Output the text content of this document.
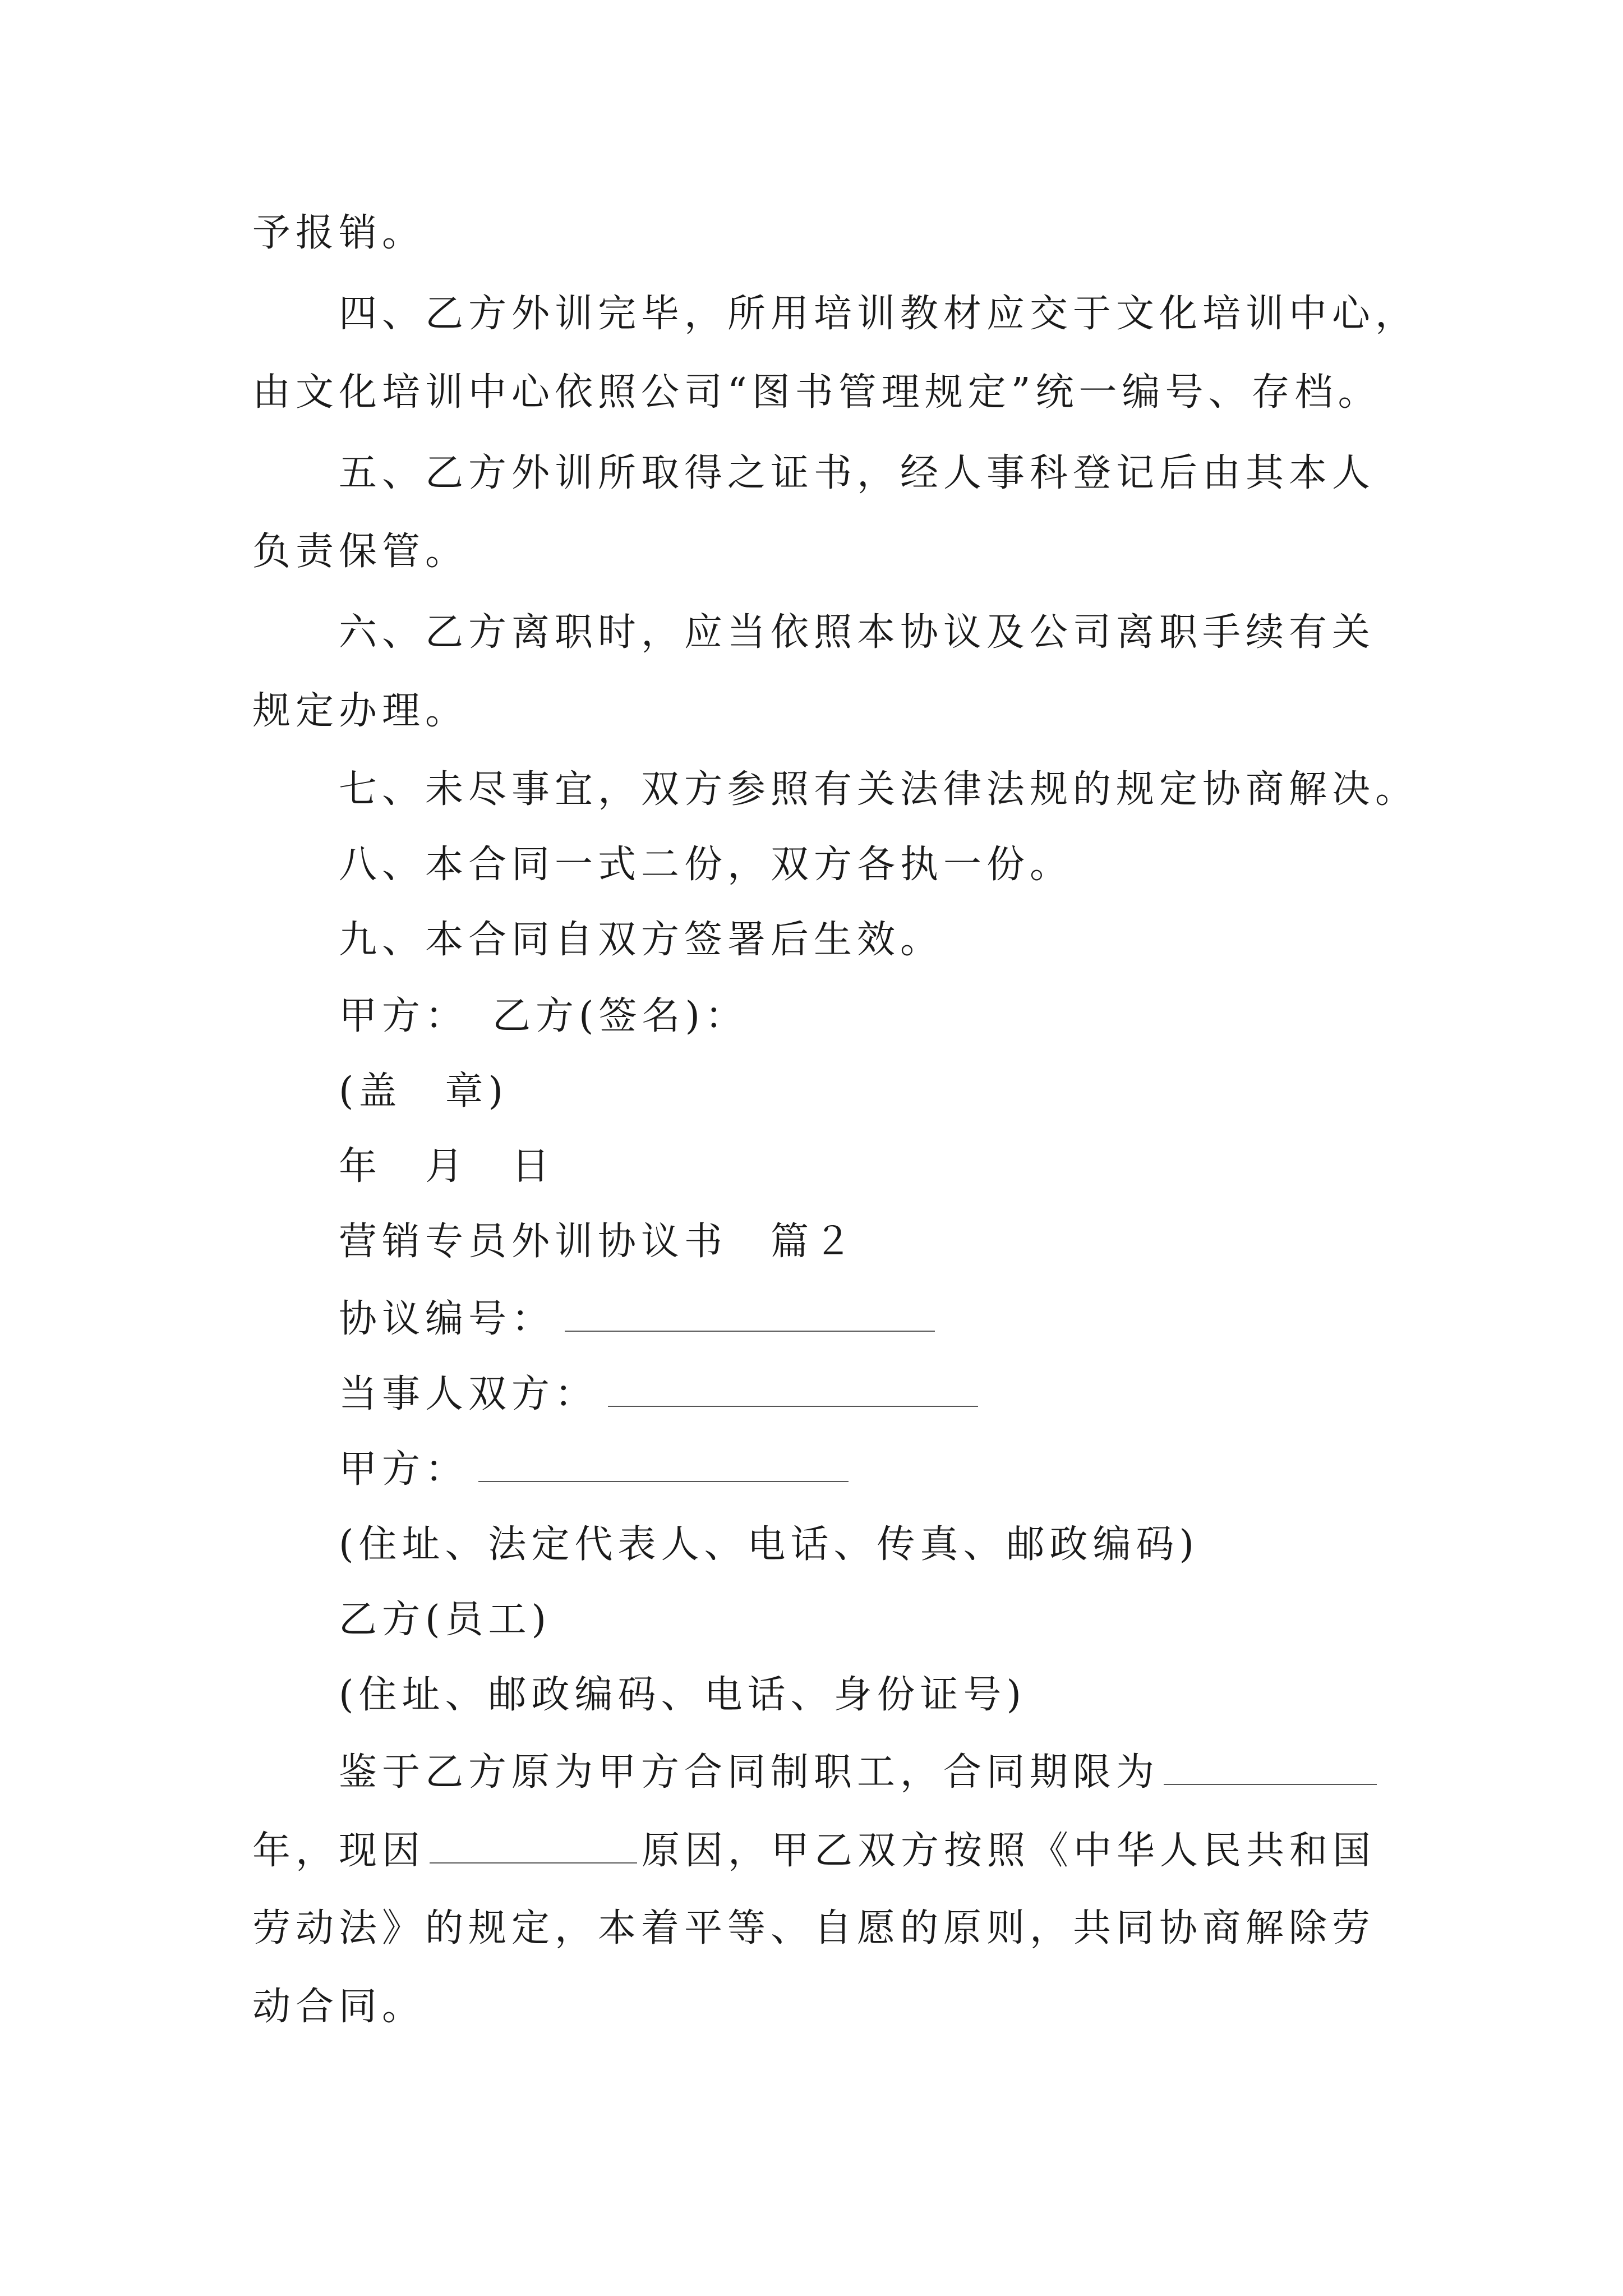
予报销。
四、乙方外训完毕，所用培训教材应交于文化培训中心，
由文化培训中心依照公司“图书管理规定”统一编号、存档。
五、乙方外训所取得之证书，经人事科登记后由其本人
负责保管。
六、乙方离职时，应当依照本协议及公司离职手续有关
规定办理。
七、未尽事宜，双方参照有关法律法规的规定协商解决。
八、本合同一式二份，双方各执一份。
九、本合同自双方签署后生效。
甲方：　乙方(签名)：
(盖　章)
年　月　日
营销专员外训协议书　篇２
协议编号：
当事人双方：
甲方：
(住址、法定代表人、电话、传真、邮政编码)
乙方(员工)
(住址、邮政编码、电话、身份证号)
鉴于乙方原为甲方合同制职工，合同期限为
年，现因	原因，甲乙双方按照《中华人民共和国
劳动法》的规定，本着平等、自愿的原则，共同协商解除劳
动合同。
